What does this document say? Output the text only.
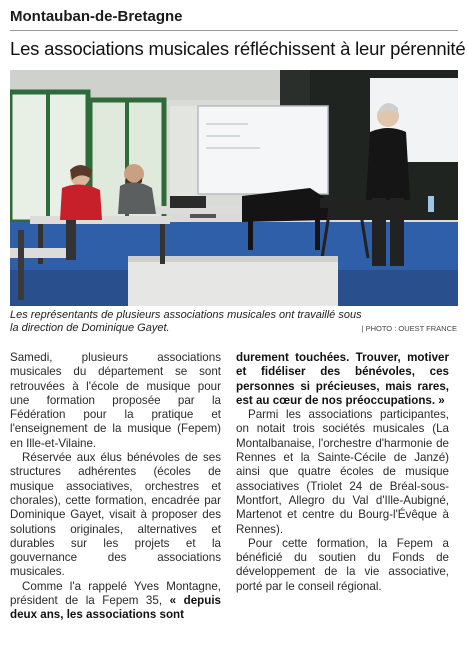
Montauban-de-Bretagne
Les associations musicales réfléchissent à leur pérennité
Les représentants de plusieurs associations musicales ont travaillé sous
la direction de Dominique Gayet.	| PHOTO : OUEST FRANCE

Samedi, plusieurs associations musicales du département se sont retrouvées à l'école de musique pour une formation proposée par la Fédération pour la pratique et l'enseignement de la musique (Fepem) en Ille-et-Vilaine.

Réservée aux élus bénévoles de ses structures adhérentes (écoles de musique associatives, orchestres et chorales), cette formation, encadrée par Dominique Gayet, visait à proposer des solutions originales, alternatives et durables sur les projets et la gouvernance des associations musicales.

Comme l'a rappelé Yves Montagne, président de la Fepem 35, « depuis deux ans, les associations sont

durement touchées. Trouver, motiver et fidéliser des bénévoles, ces personnes si précieuses, mais rares, est au cœur de nos préoccupations. »

Parmi les associations participantes, on notait trois sociétés musicales (La Montalbanaise, l'orchestre d'harmonie de Rennes et la Sainte-Cécile de Janzé) ainsi que quatre écoles de musique associatives (Triolet 24 de Bréal-sous-Montfort, Allegro du Val d'Ille-Aubigné, Martenot et centre du Bourg-l'Évêque à Rennes).

Pour cette formation, la Fepem a bénéficié du soutien du Fonds de développement de la vie associative, porté par le conseil régional.
